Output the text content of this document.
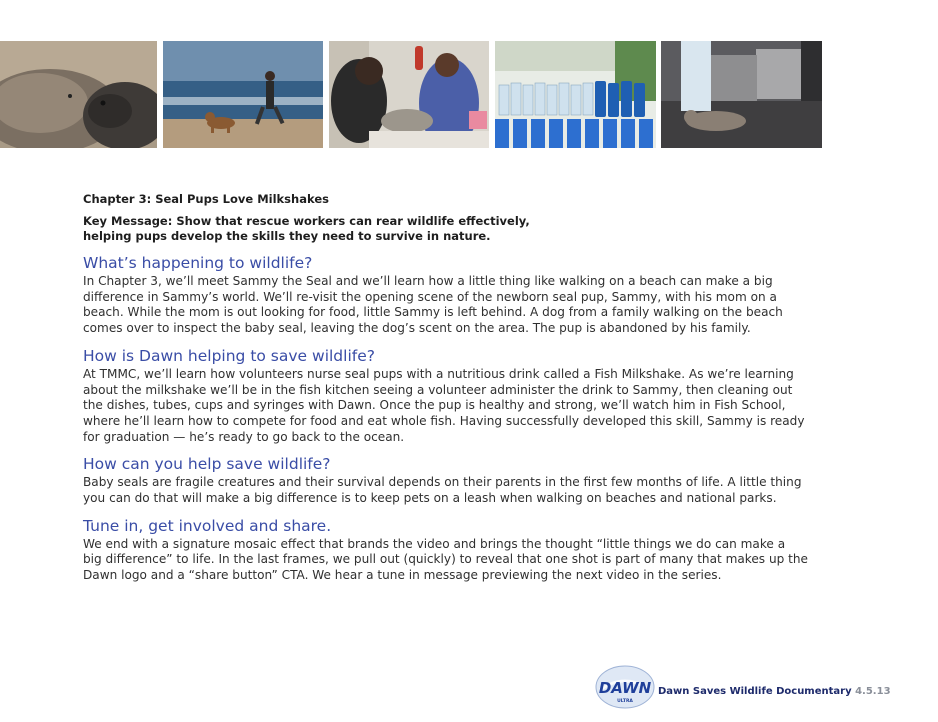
Chapter 3: Seal Pups Love Milkshakes
Key Message: Show that rescue workers can rear wildlife effectively,
helping pups develop the skills they need to survive in nature.
What’s happening to wildlife?

In Chapter 3, we’ll meet Sammy the Seal and we’ll learn how a little thing like walking on a beach can make a big
difference in Sammy’s world. We’ll re-visit the opening scene of the newborn seal pup, Sammy, with his mom on a
beach. While the mom is out looking for food, little Sammy is left behind. A dog from a family walking on the beach
comes over to inspect the baby seal, leaving the dog’s scent on the area. The pup is abandoned by his family.

How is Dawn helping to save wildlife?

At TMMC, we’ll learn how volunteers nurse seal pups with a nutritious drink called a Fish Milkshake. As we’re learning
about the milkshake we’ll be in the fish kitchen seeing a volunteer administer the drink to Sammy, then cleaning out
the dishes, tubes, cups and syringes with Dawn. Once the pup is healthy and strong, we’ll watch him in Fish School,
where he’ll learn how to compete for food and eat whole fish. Having successfully developed this skill, Sammy is ready
for graduation — he’s ready to go back to the ocean.

How can you help save wildlife?

Baby seals are fragile creatures and their survival depends on their parents in the first few months of life. A little thing
you can do that will make a big difference is to keep pets on a leash when walking on beaches and national parks.

Tune in, get involved and share.

We end with a signature mosaic effect that brands the video and brings the thought “little things we do can make a
big difference” to life. In the last frames, we pull out (quickly) to reveal that one shot is part of many that makes up the
Dawn logo and a “share button” CTA. We hear a tune in message previewing the next video in the series.

DAWN
ULTRA
Dawn Saves Wildlife Documentary 4.5.13
